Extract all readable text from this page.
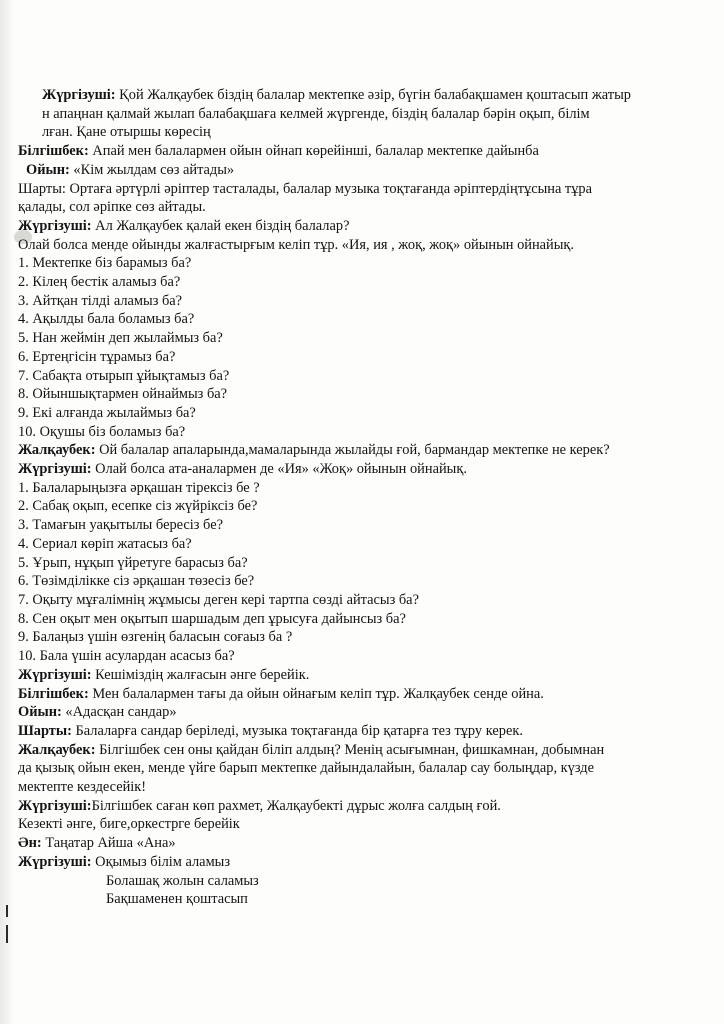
Жүргізуші: Қой Жалқаубек біздің балалар мектепке әзір, бүгін балабақшамен қоштасып жатыр
н апаңнан қалмай жылап балабақшаға келмей жүргенде, біздің балалар бәрін оқып, білім
лған. Қане отыршы көресің
Білгішбек: Апай мен балалармен ойын ойнап көрейінші, балалар мектепке дайынба
Ойын: «Кім жылдам сөз айтады»
Шарты: Ортаға әртүрлі әріптер тасталады, балалар музыка тоқтағанда әріптердіңтұсына тұра
қалады, сол әріпке сөз айтады.
Жүргізуші: Ал Жалқаубек қалай екен біздің балалар?
Олай болса менде ойынды жалғастырғым келіп тұр. «Ия, ия , жоқ, жоқ» ойынын ойнайық.
1. Мектепке біз барамыз ба?
2. Кілең бестік аламыз ба?
3. Айтқан тілді аламыз ба?
4. Ақылды бала боламыз ба?
5. Нан жеймін деп жылаймыз ба?
6. Ертеңгісін тұрамыз ба?
7. Сабақта отырып ұйықтамыз ба?
8. Ойыншықтармен ойнаймыз ба?
9. Екі алғанда жылаймыз ба?
10. Оқушы біз боламыз ба?
Жалқаубек: Ой балалар апаларында,мамаларында жылайды ғой, бармандар мектепке не керек?
Жүргізуші: Олай болса ата-аналармен де «Ия» «Жоқ» ойынын ойнайық.
1. Балаларыңызға әрқашан тірексіз бе ?
2. Сабақ оқып, есепке сіз жүйріксіз бе?
3. Тамағын уақытылы бересіз бе?
4. Сериал көріп жатасыз ба?
5. Ұрып, нұқып үйретуге барасыз ба?
6. Төзімділікке сіз әрқашан төзесіз бе?
7. Оқыту мұғалімнің жұмысы деген кері тартпа сөзді айтасыз ба?
8. Сен оқыт мен оқытып шаршадым деп ұрысуға дайынсыз ба?
9. Балаңыз үшін өзгенің баласын соғаыз ба ?
10. Бала үшін асулардан асасыз ба?
Жүргізуші: Кешіміздің жалғасын әнге берейік.
Білгішбек: Мен балалармен тағы да ойын ойнағым келіп тұр. Жалқаубек сенде ойна.
Ойын: «Адасқан сандар»
Шарты: Балаларға сандар беріледі, музыка тоқтағанда бір қатарға тез тұру керек.
Жалқаубек: Білгішбек сен оны қайдан біліп алдың? Менің асығымнан, фишкамнан, добымнан
да қызық ойын екен, менде үйге барып мектепке дайындалайын, балалар сау болыңдар, күзде
мектепте кездесейік!
Жүргізуші:Білгішбек саған көп рахмет, Жалқаубекті дұрыс жолға салдың ғой.
Кезекті әнге, биге,оркестрге берейік
Ән: Таңатар Айша «Ана»
Жүргізуші: Оқымыз білім аламыз
Болашақ жолын саламыз
Бақшаменен қоштасып
